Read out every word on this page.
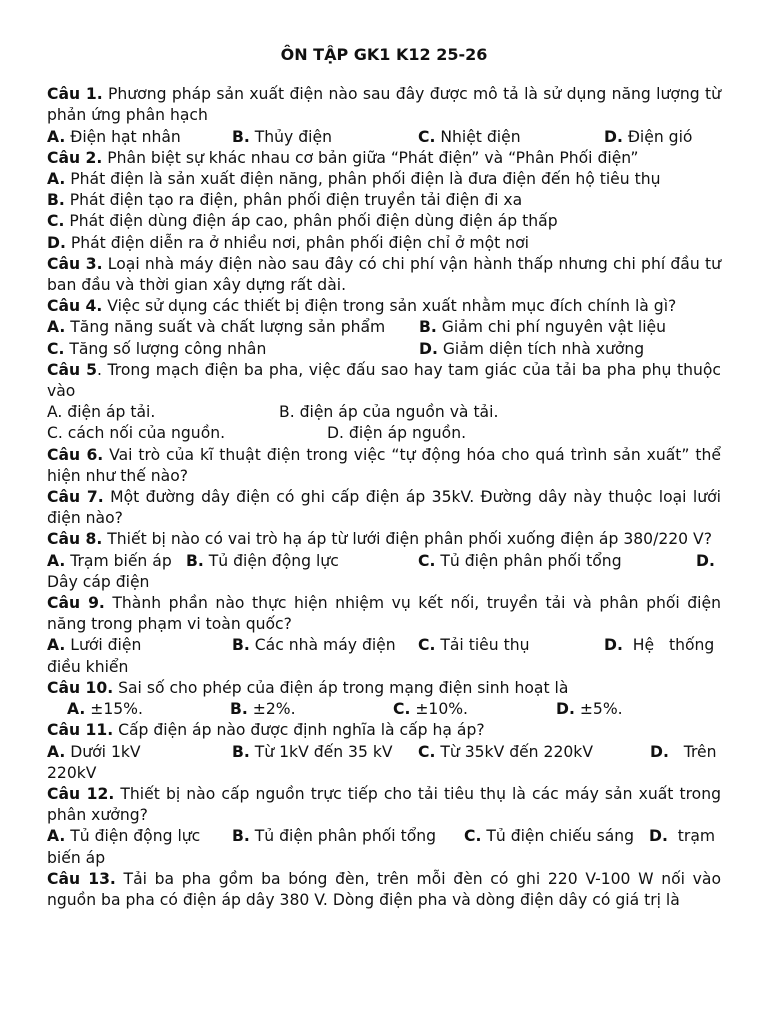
ÔN TẬP GK1 K12 25-26
Câu 1. Phương pháp sản xuất điện nào sau đây được mô tả là sử dụng năng lượng từ phản ứng phân hạch
A. Điện hạt nhân	B. Thủy điện	C. Nhiệt điện	D. Điện gió
Câu 2. Phân biệt sự khác nhau cơ bản giữa “Phát điện” và “Phân Phối điện”
A. Phát điện là sản xuất điện năng, phân phối điện là đưa điện đến hộ tiêu thụ
B. Phát điện tạo ra điện, phân phối điện truyền tải điện đi xa
C. Phát điện dùng điện áp cao, phân phối điện dùng điện áp thấp
D. Phát điện diễn ra ở nhiều nơi, phân phối điện chỉ ở một nơi
Câu 3. Loại nhà máy điện nào sau đây có chi phí vận hành thấp nhưng chi phí đầu tư ban đầu và thời gian xây dựng rất dài.
Câu 4. Việc sử dụng các thiết bị điện trong sản xuất nhằm mục đích chính là gì?
A. Tăng năng suất và chất lượng sản phẩm	B. Giảm chi phí nguyên vật liệu
C. Tăng số lượng công nhân	D. Giảm diện tích nhà xưởng
Câu 5. Trong mạch điện ba pha, việc đấu sao hay tam giác của tải ba pha phụ thuộc vào
A. điện áp tải.	B. điện áp của nguồn và tải.
C. cách nối của nguồn.	D. điện áp nguồn.
Câu 6. Vai trò của kĩ thuật điện trong việc “tự động hóa cho quá trình sản xuất” thể hiện như thế nào?
Câu 7. Một đường dây điện có ghi cấp điện áp 35kV. Đường dây này thuộc loại lưới điện nào?
Câu 8. Thiết bị nào có vai trò hạ áp từ lưới điện phân phối xuống điện áp 380/220 V?
A. Trạm biến áp B. Tủ điện động lực	C. Tủ điện phân phối tổng	D.
Dây cáp điện
Câu 9. Thành phần nào thực hiện nhiệm vụ kết nối, truyền tải và phân phối điện năng trong phạm vi toàn quốc?
A. Lưới điện	B. Các nhà máy điện	C. Tải tiêu thụ	D.  Hệ   thống
điều khiển
Câu 10. Sai số cho phép của điện áp trong mạng điện sinh hoạt là
A. ±15%.	B. ±2%.	C. ±10%.	D. ±5%.
Câu 11. Cấp điện áp nào được định nghĩa là cấp hạ áp?
A. Dưới 1kV	B. Từ 1kV đến 35 kV	C. Từ 35kV đến 220kV	D.   Trên
220kV
Câu 12. Thiết bị nào cấp nguồn trực tiếp cho tải tiêu thụ là các máy sản xuất trong phân xưởng?
A. Tủ điện động lực	B. Tủ điện phân phối tổng	C. Tủ điện chiếu sáng D.  trạm
biến áp
Câu 13. Tải ba pha gồm ba bóng đèn, trên mỗi đèn có ghi 220 V-100 W nối vào nguồn ba pha có điện áp dây 380 V. Dòng điện pha và dòng điện dây có giá trị là
